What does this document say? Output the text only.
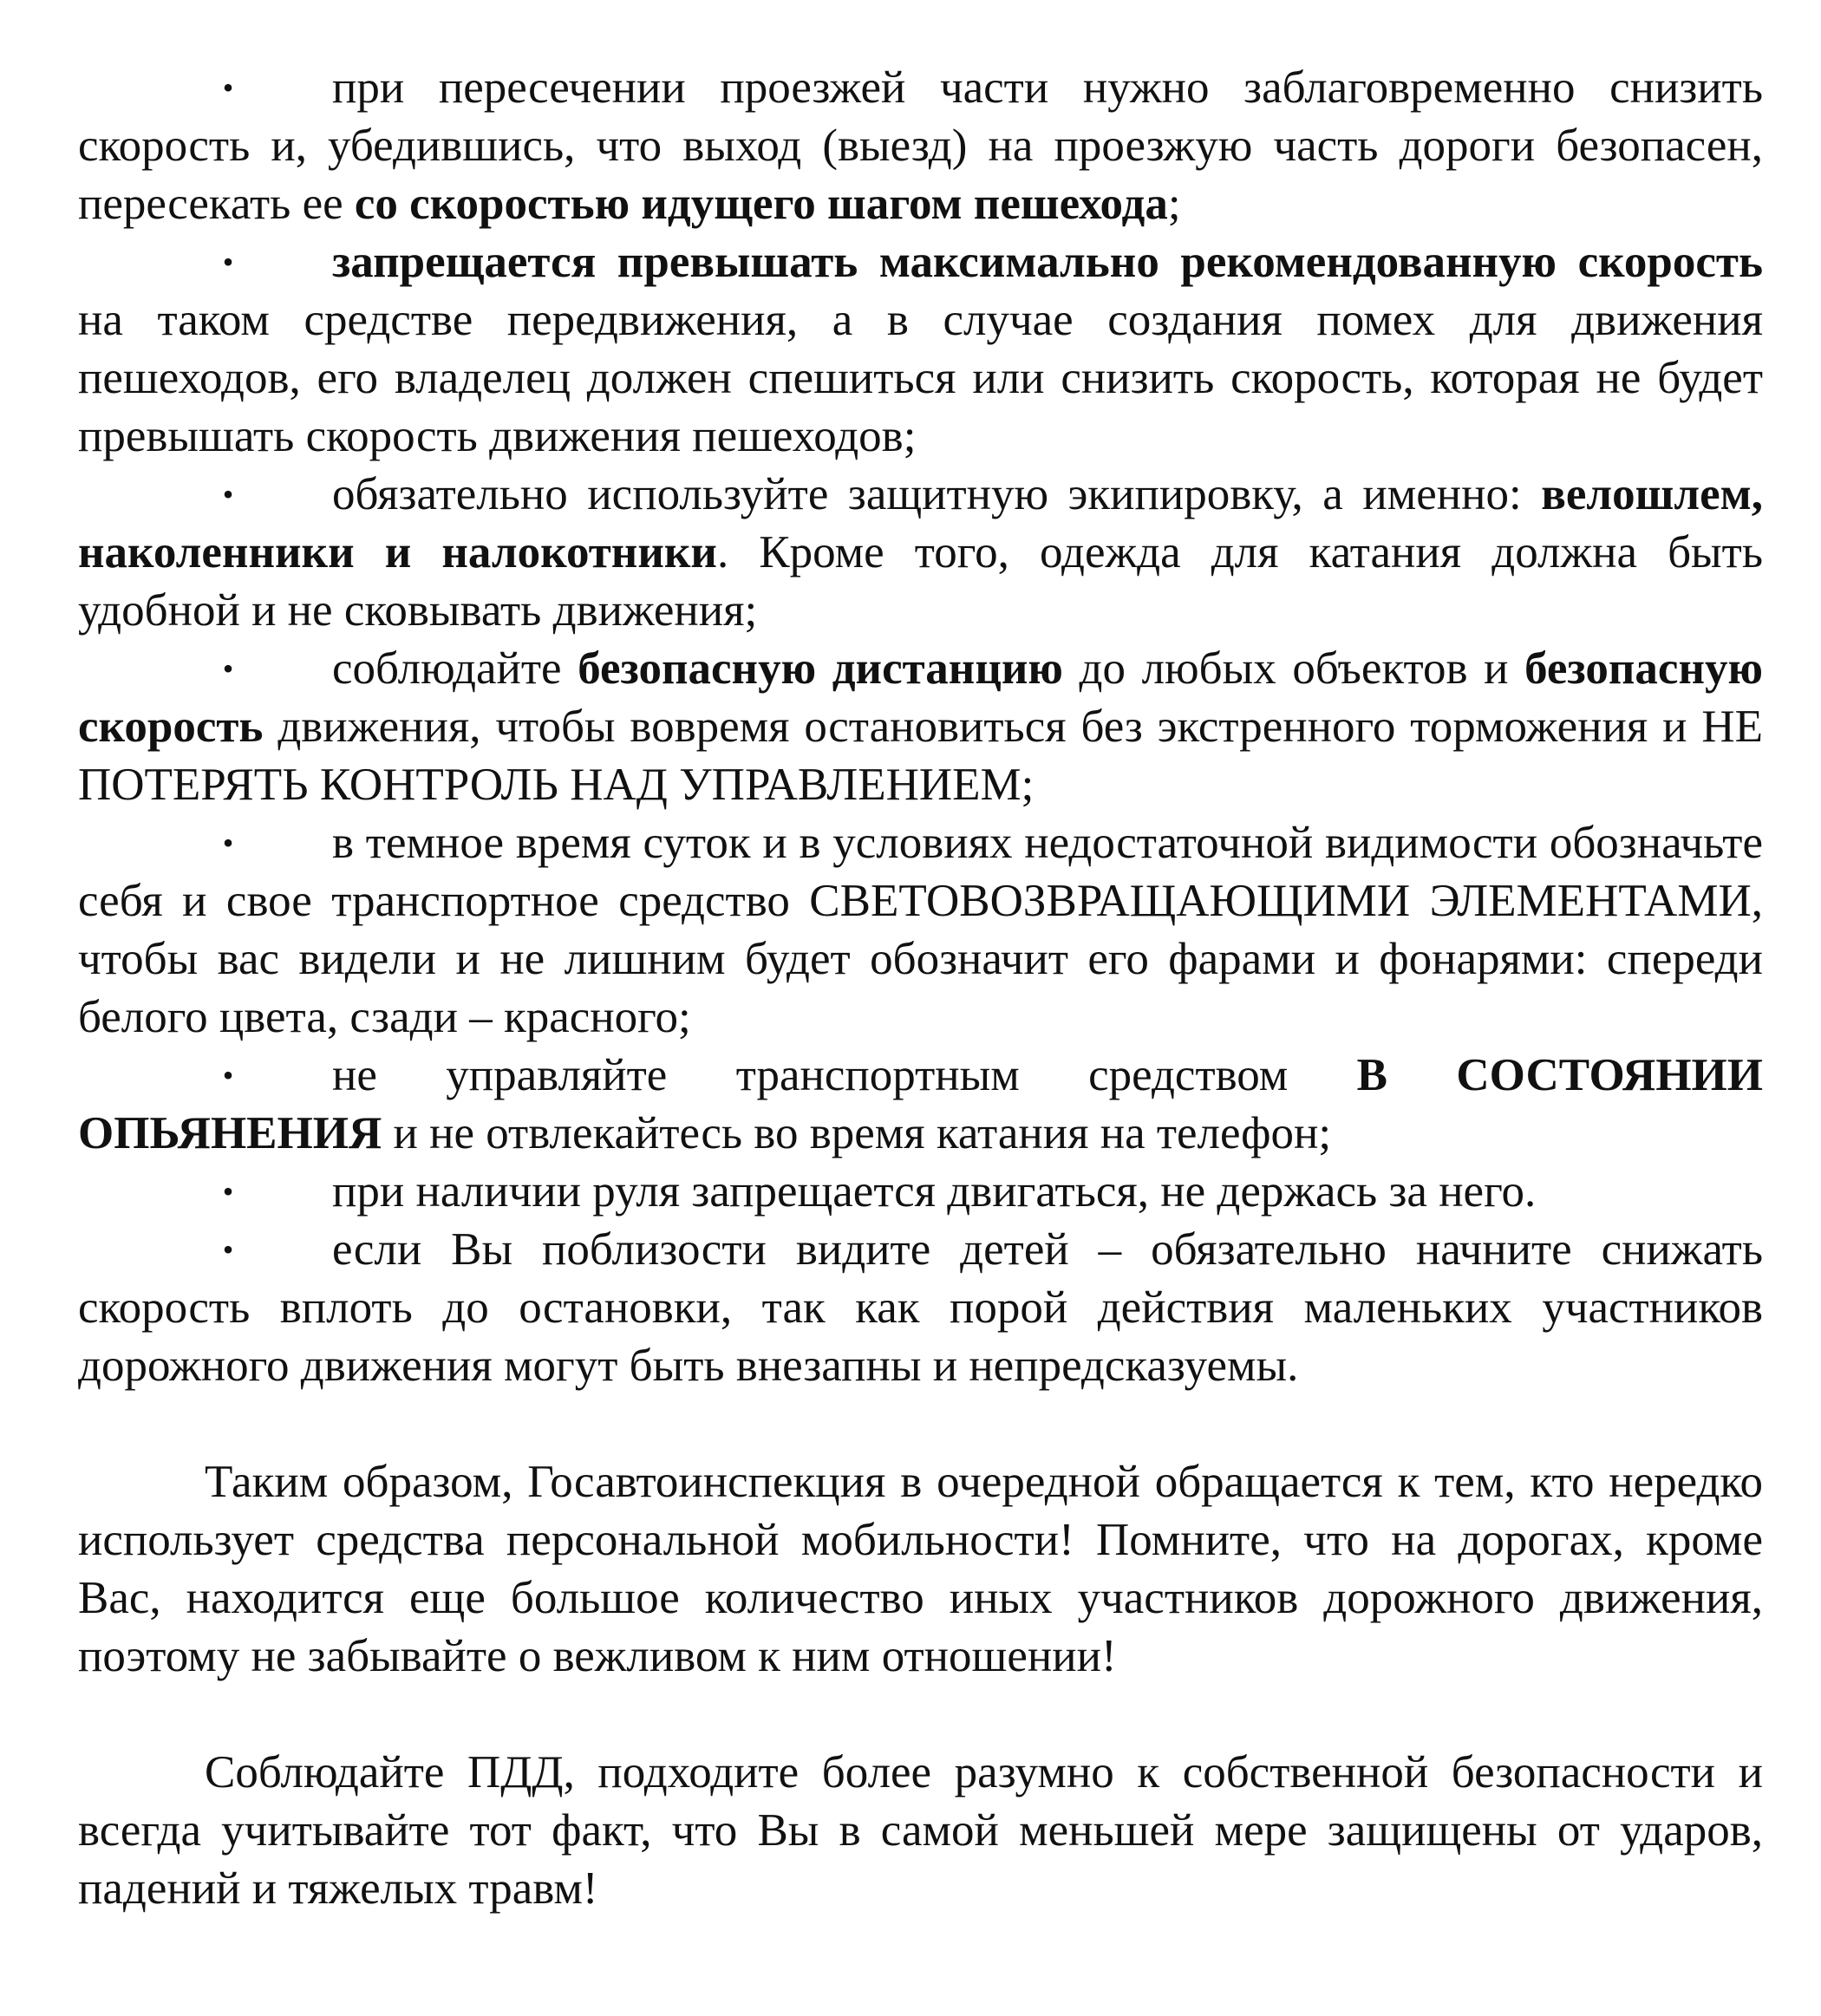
• при пересечении проезжей части нужно заблаговременно снизить скорость и, убедившись, что выход (выезд) на проезжую часть дороги безопасен, пересекать ее со скоростью идущего шагом пешехода;
• запрещается превышать максимально рекомендованную скорость на таком средстве передвижения, а в случае создания помех для движения пешеходов, его владелец должен спешиться или снизить скорость, которая не будет превышать скорость движения пешеходов;
• обязательно используйте защитную экипировку, а именно: велошлем, наколенники и налокотники. Кроме того, одежда для катания должна быть удобной и не сковывать движения;
• соблюдайте безопасную дистанцию до любых объектов и безопасную скорость движения, чтобы вовремя остановиться без экстренного торможения и НЕ ПОТЕРЯТЬ КОНТРОЛЬ НАД УПРАВЛЕНИЕМ;
• в темное время суток и в условиях недостаточной видимости обозначьте себя и свое транспортное средство СВЕТОВОЗВРАЩАЮЩИМИ ЭЛЕМЕНТАМИ, чтобы вас видели и не лишним будет обозначит его фарами и фонарями: спереди белого цвета, сзади – красного;
• не управляйте транспортным средством В СОСТОЯНИИ ОПЬЯНЕНИЯ и не отвлекайтесь во время катания на телефон;
• при наличии руля запрещается двигаться, не держась за него.
• если Вы поблизости видите детей – обязательно начните снижать скорость вплоть до остановки, так как порой действия маленьких участников дорожного движения могут быть внезапны и непредсказуемы.

Таким образом, Госавтоинспекция в очередной обращается к тем, кто нередко использует средства персональной мобильности! Помните, что на дорогах, кроме Вас, находится еще большое количество иных участников дорожного движения, поэтому не забывайте о вежливом к ним отношении!

Соблюдайте ПДД, подходите более разумно к собственной безопасности и всегда учитывайте тот факт, что Вы в самой меньшей мере защищены от ударов, падений и тяжелых травм!
